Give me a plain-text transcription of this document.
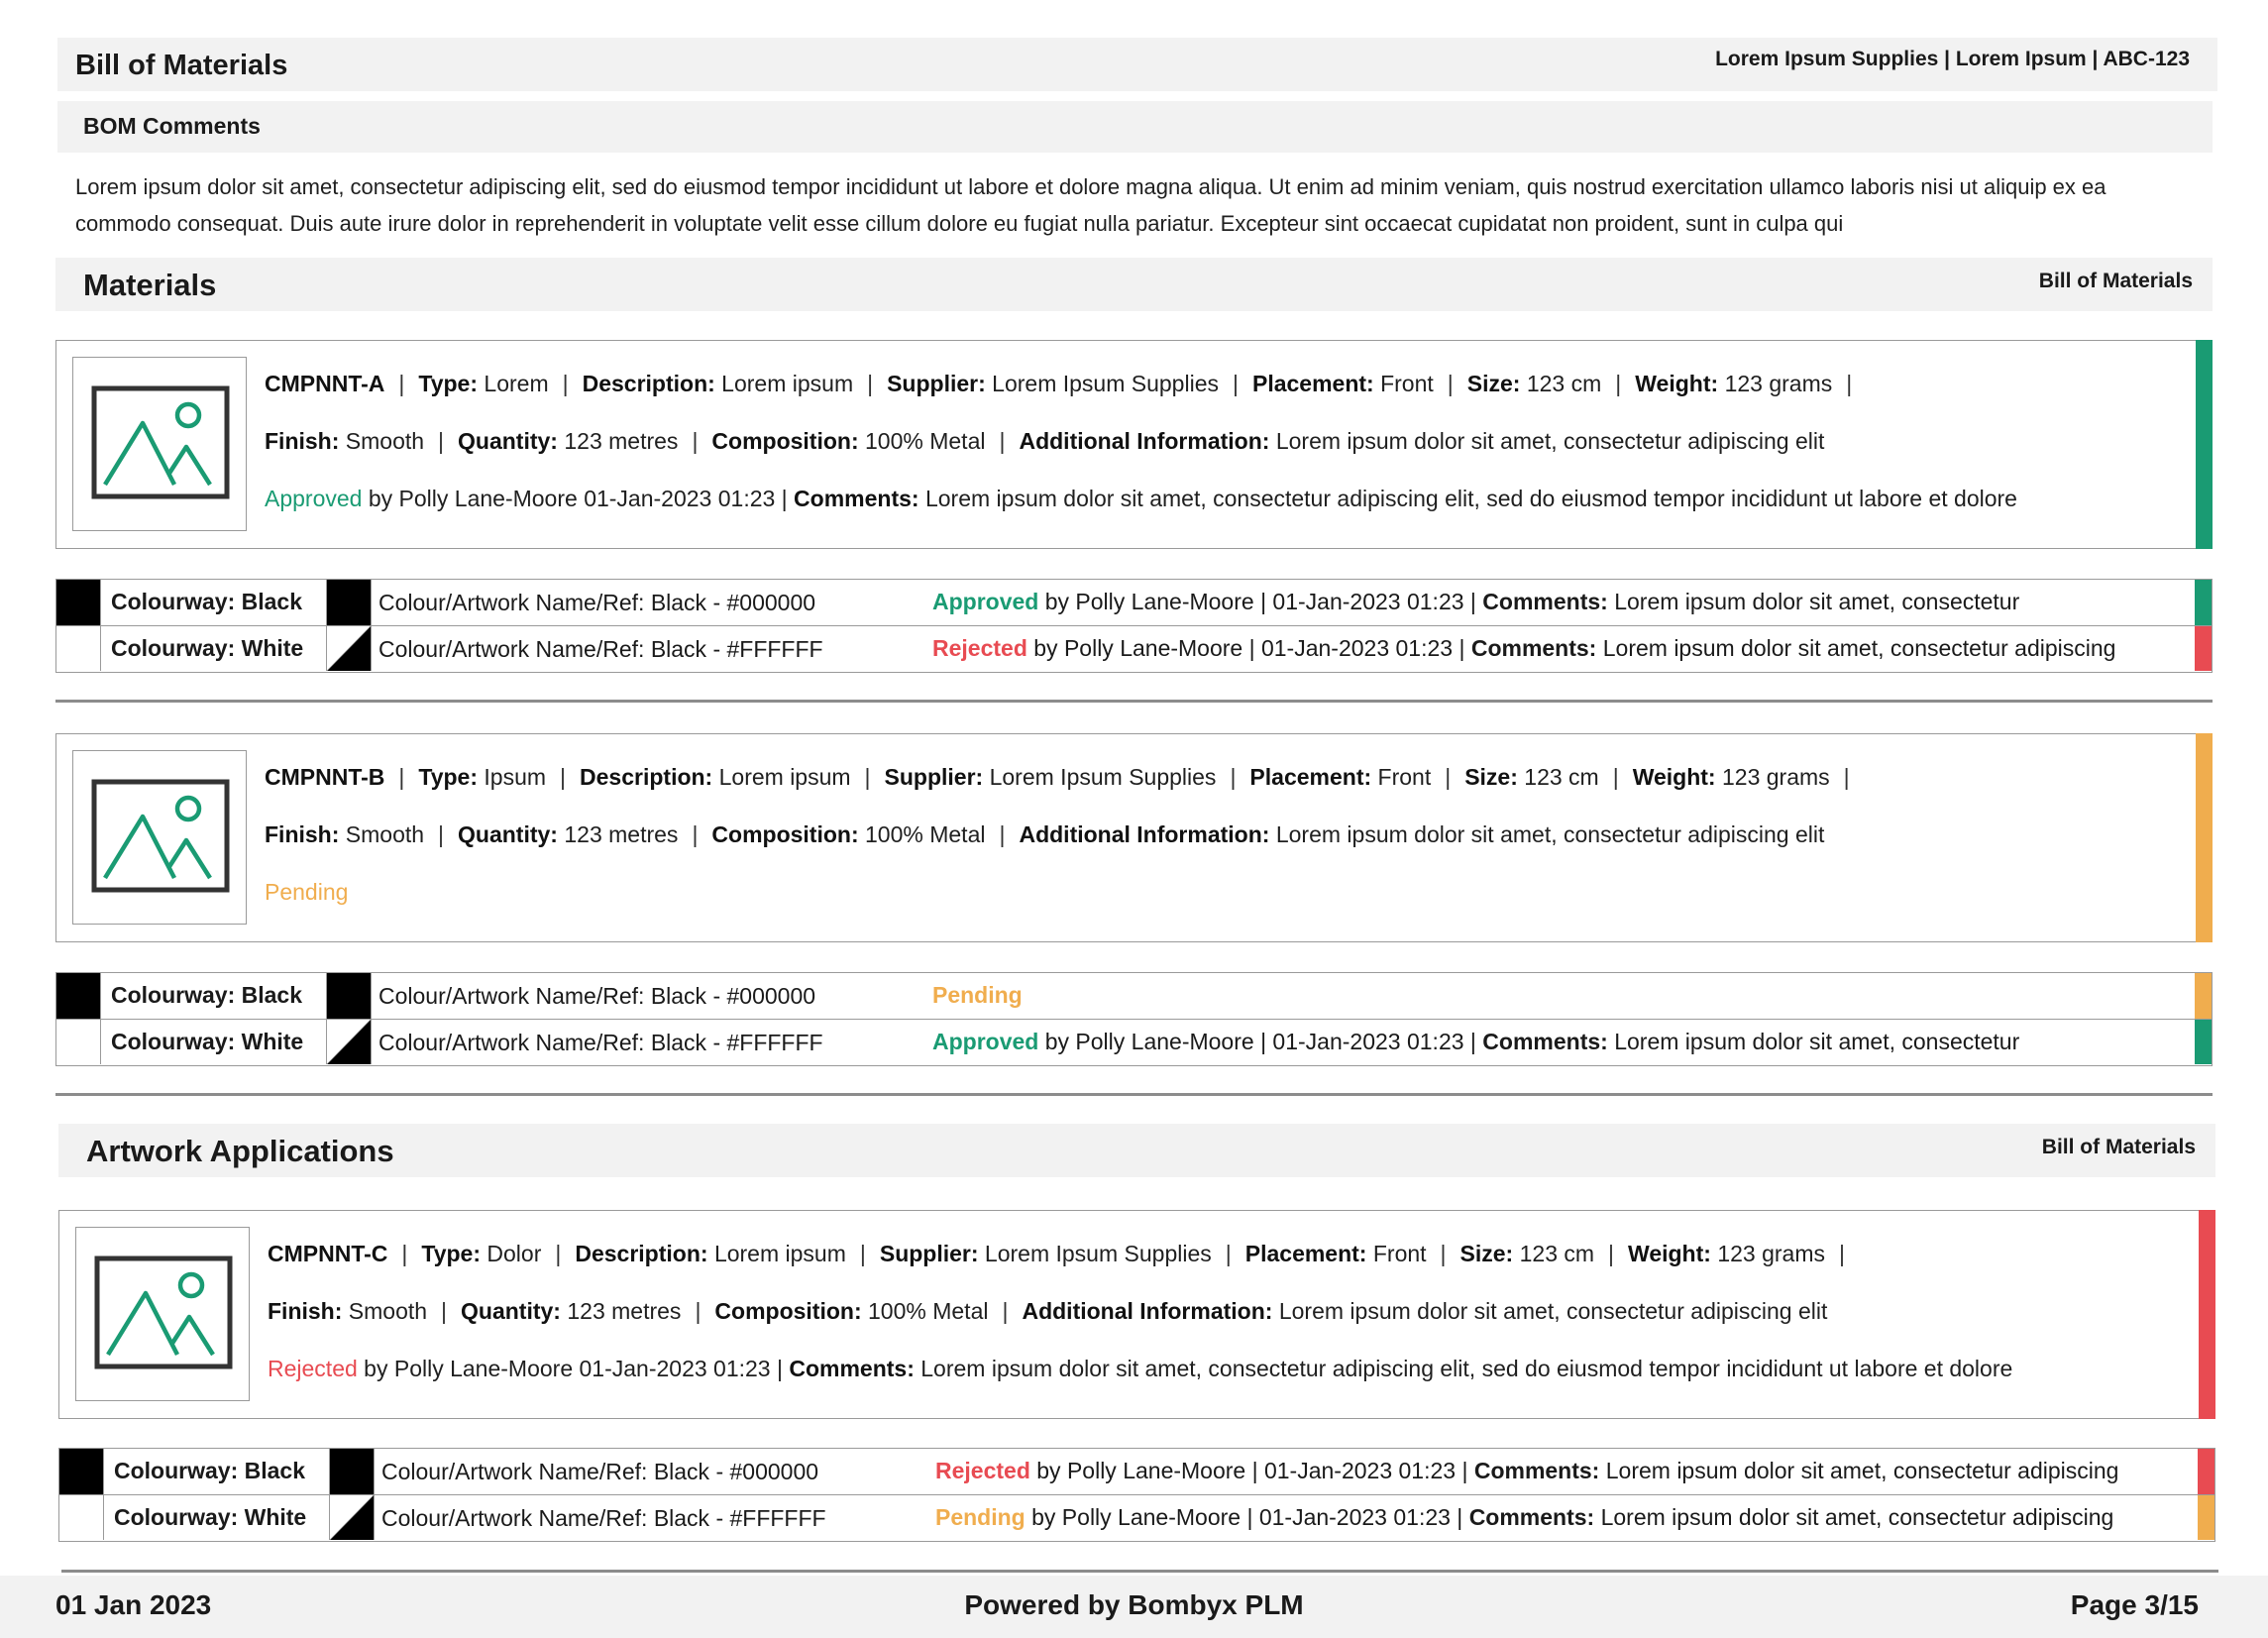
Bill of Materials	Lorem Ipsum Supplies | Lorem Ipsum | ABC-123
BOM Comments
Lorem ipsum dolor sit amet, consectetur adipiscing elit, sed do eiusmod tempor incididunt ut labore et dolore magna aliqua. Ut enim ad minim veniam, quis nostrud exercitation ullamco laboris nisi ut aliquip ex ea commodo consequat. Duis aute irure dolor in reprehenderit in voluptate velit esse cillum dolore eu fugiat nulla pariatur. Excepteur sint occaecat cupidatat non proident, sunt in culpa qui
Materials	Bill of Materials
CMPNNT-A | Type: Lorem | Description: Lorem ipsum | Supplier: Lorem Ipsum Supplies | Placement: Front | Size: 123 cm | Weight: 123 grams |
Finish: Smooth | Quantity: 123 metres | Composition: 100% Metal | Additional Information: Lorem ipsum dolor sit amet, consectetur adipiscing elit
Approved by Polly Lane-Moore 01-Jan-2023 01:23 | Comments: Lorem ipsum dolor sit amet, consectetur adipiscing elit, sed do eiusmod tempor incididunt ut labore et dolore
Colourway: Black	Colour/Artwork Name/Ref: Black - #000000	Approved by Polly Lane-Moore | 01-Jan-2023 01:23 | Comments: Lorem ipsum dolor sit amet, consectetur
Colourway: White	Colour/Artwork Name/Ref: Black - #FFFFFF	Rejected by Polly Lane-Moore | 01-Jan-2023 01:23 | Comments: Lorem ipsum dolor sit amet, consectetur adipiscing
CMPNNT-B | Type: Ipsum | Description: Lorem ipsum | Supplier: Lorem Ipsum Supplies | Placement: Front | Size: 123 cm | Weight: 123 grams |
Finish: Smooth | Quantity: 123 metres | Composition: 100% Metal | Additional Information: Lorem ipsum dolor sit amet, consectetur adipiscing elit
Pending
Colourway: Black	Colour/Artwork Name/Ref: Black - #000000	Pending
Colourway: White	Colour/Artwork Name/Ref: Black - #FFFFFF	Approved by Polly Lane-Moore | 01-Jan-2023 01:23 | Comments: Lorem ipsum dolor sit amet, consectetur
Artwork Applications	Bill of Materials
CMPNNT-C | Type: Dolor | Description: Lorem ipsum | Supplier: Lorem Ipsum Supplies | Placement: Front | Size: 123 cm | Weight: 123 grams |
Finish: Smooth | Quantity: 123 metres | Composition: 100% Metal | Additional Information: Lorem ipsum dolor sit amet, consectetur adipiscing elit
Rejected by Polly Lane-Moore 01-Jan-2023 01:23 | Comments: Lorem ipsum dolor sit amet, consectetur adipiscing elit, sed do eiusmod tempor incididunt ut labore et dolore
Colourway: Black	Colour/Artwork Name/Ref: Black - #000000	Rejected by Polly Lane-Moore | 01-Jan-2023 01:23 | Comments: Lorem ipsum dolor sit amet, consectetur adipiscing
Colourway: White	Colour/Artwork Name/Ref: Black - #FFFFFF	Pending by Polly Lane-Moore | 01-Jan-2023 01:23 | Comments: Lorem ipsum dolor sit amet, consectetur adipiscing
01 Jan 2023	Powered by Bombyx PLM	Page 3/15
